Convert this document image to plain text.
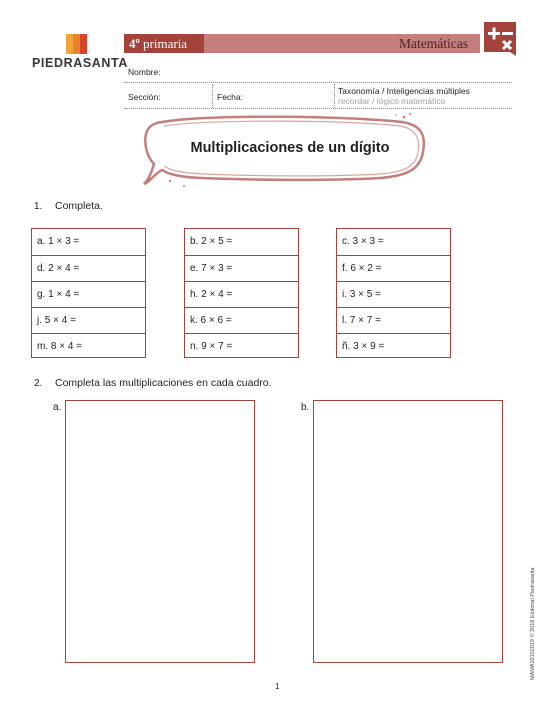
PIEDRASANTA
4º primaria	Matemáticas
Nombre:
Sección:	Fecha:
Taxonomía / Inteligencias múltiples
recordar / lógico matemático
Multiplicaciones de un dígito
1. Completa.
a. 1 × 3 =
d. 2 × 4 =
g. 1 × 4 =
j. 5 × 4 =
m. 8 × 4 =
b. 2 × 5 =
e. 7 × 3 =
h. 2 × 4 =
k. 6 × 6 =
n. 9 × 7 =
c. 3 × 3 =
f. 6 × 2 =
i. 3 × 5 =
l. 7 × 7 =
ñ. 3 × 9 =
2. Completa las multiplicaciones en cada cuadro.
a.	b.
MAMA10102019 © 2018 Editorial Piedrasanta
1
